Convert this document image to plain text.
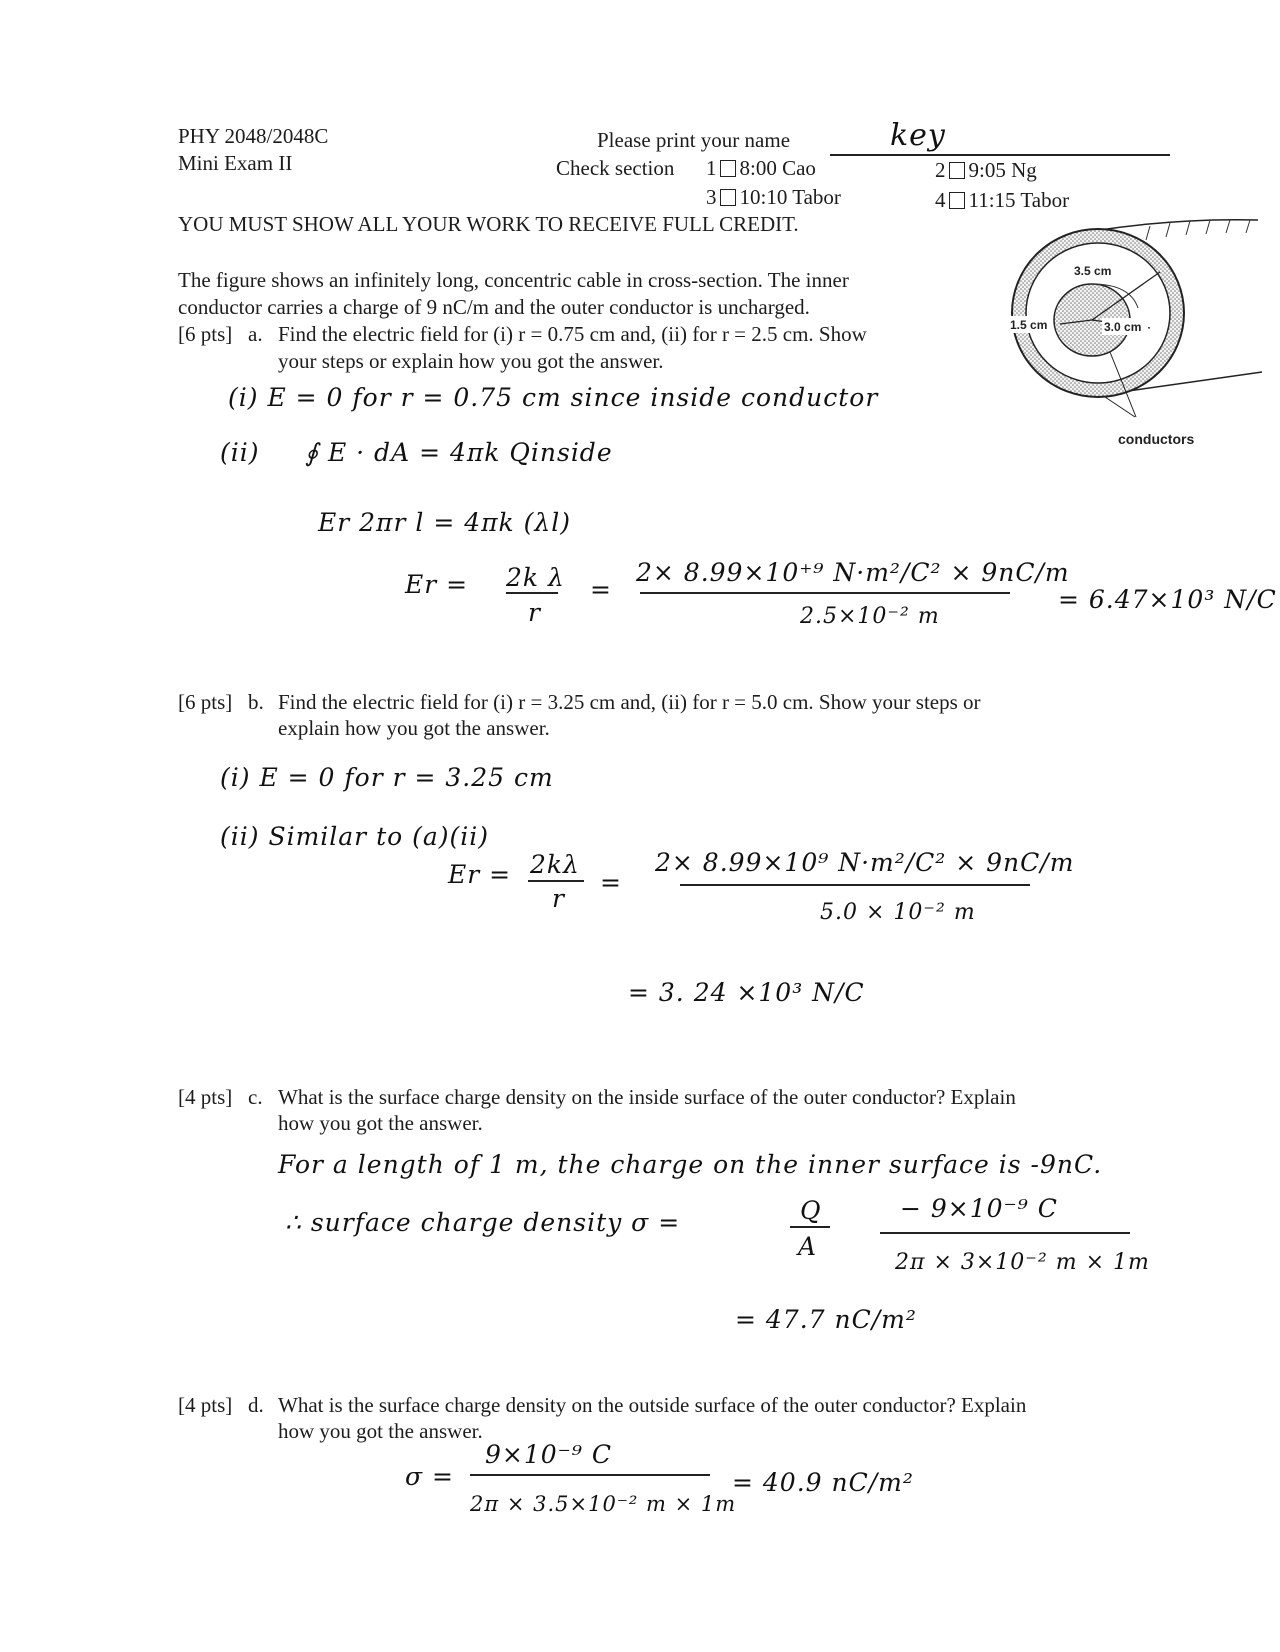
PHY 2048/2048C
Mini Exam II
Please print your name	key
Check section 1 8:00 Cao	2 9:05 Ng
3 10:10 Tabor	4 11:15 Tabor
YOU MUST SHOW ALL YOUR WORK TO RECEIVE FULL CREDIT.
The figure shows an infinitely long, concentric cable in cross-section. The inner
conductor carries a charge of 9 nC/m and the outer conductor is uncharged.
3.5 cm
3.0 cm
1.5 cm
conductors
[6 pts] a. Find the electric field for (i) r = 0.75 cm and, (ii) for r = 2.5 cm. Show
your steps or explain how you got the answer.
(i) E = 0 for r = 0.75 cm since inside conductor
(ii) ∮ E · dA = 4πk Qinside
Er 2πr l = 4πk (λl)
Er = 2k λ
r
=
2× 8.99×10⁺⁹ N·m²/C² × 9nC/m
2.5×10⁻² m
= 6.47×10³ N/C
[6 pts] b. Find the electric field for (i) r = 3.25 cm and, (ii) for r = 5.0 cm. Show your steps or
explain how you got the answer.
(i) E = 0 for r = 3.25 cm
(ii) Similar to (a)(ii)
Er = 2kλ
r
=
2× 8.99×10⁹ N·m²/C² × 9nC/m
5.0 × 10⁻² m
= 3. 24 ×10³ N/C
[4 pts] c. What is the surface charge density on the inside surface of the outer conductor? Explain
how you got the answer.
For a length of 1 m, the charge on the inner surface is -9nC.
∴ surface charge density σ =	Q
A
− 9×10⁻⁹ C
2π × 3×10⁻² m × 1m
= 47.7 nC/m²
[4 pts] d. What is the surface charge density on the outside surface of the outer conductor? Explain
how you got the answer.
σ =
9×10⁻⁹ C
2π × 3.5×10⁻² m × 1m
= 40.9 nC/m²
